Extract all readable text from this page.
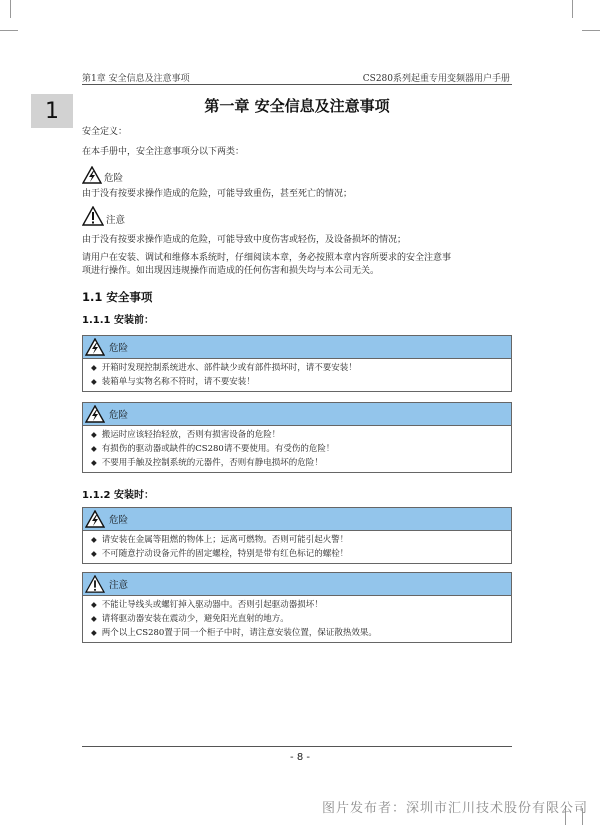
第1章 安全信息及注意事项	CS280系列起重专用变频器用户手册
1	第一章 安全信息及注意事项
安全定义：
在本手册中，安全注意事项分以下两类：
危险
由于没有按要求操作造成的危险，可能导致重伤，甚至死亡的情况；
注意
由于没有按要求操作造成的危险，可能导致中度伤害或轻伤，及设备损坏的情况；
请用户在安装、调试和维修本系统时，仔细阅读本章，务必按照本章内容所要求的安全注意事
项进行操作。如出现因违规操作而造成的任何伤害和损失均与本公司无关。
1.1 安全事项
1.1.1 安装前：
危险
◆ 开箱时发现控制系统进水、部件缺少或有部件损坏时，请不要安装！
◆ 装箱单与实物名称不符时，请不要安装！
危险
◆ 搬运时应该轻抬轻放，否则有损害设备的危险！
◆ 有损伤的驱动器或缺件的CS280请不要使用。有受伤的危险！
◆ 不要用手触及控制系统的元器件，否则有静电损坏的危险！
1.1.2 安装时：
危险
◆ 请安装在金属等阻燃的物体上；远离可燃物。否则可能引起火警！
◆ 不可随意拧动设备元件的固定螺栓，特别是带有红色标记的螺栓！
注意
◆ 不能让导线头或螺钉掉入驱动器中。否则引起驱动器损坏！
◆ 请将驱动器安装在震动少，避免阳光直射的地方。
◆ 两个以上CS280置于同一个柜子中时，请注意安装位置，保证散热效果。
- 8 -
图片发布者：深圳市汇川技术股份有限公司
